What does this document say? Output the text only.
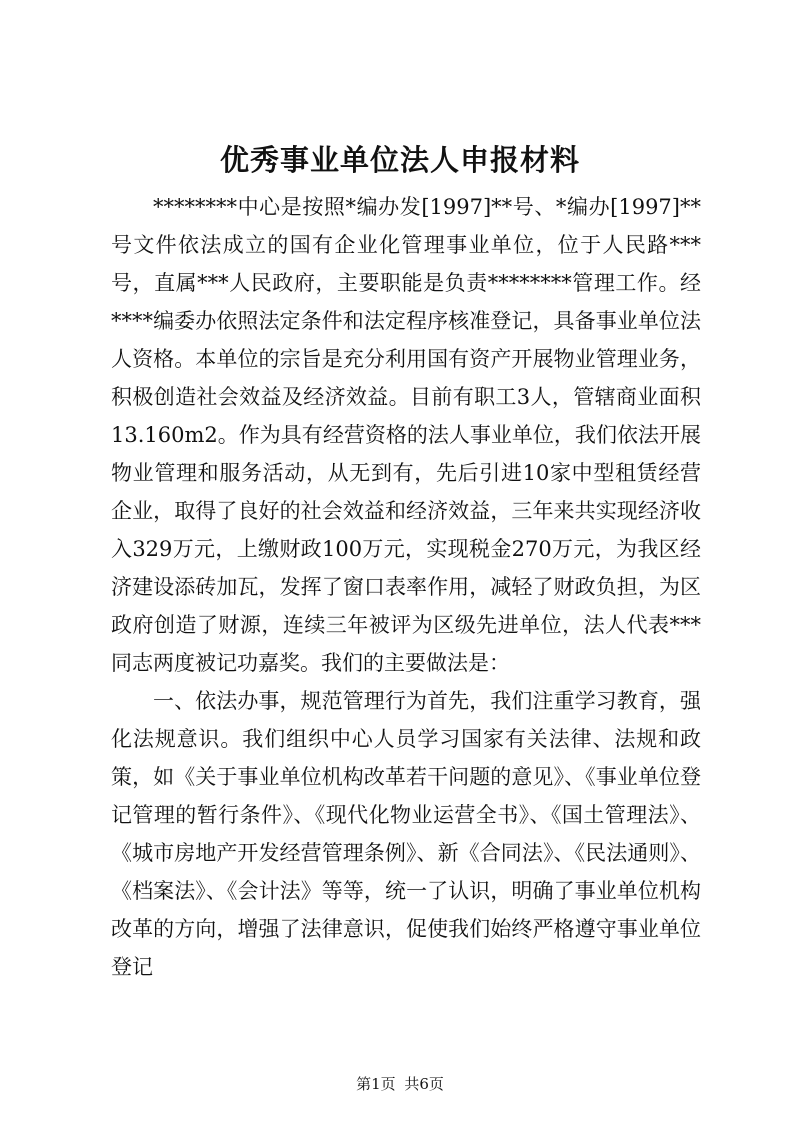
优秀事业单位法人申报材料

********中心是按照*编办发[1997]**号、*编办[1997]**号文件依法成立的国有企业化管理事业单位，位于人民路***号，直属***人民政府，主要职能是负责********管理工作。经****编委办依照法定条件和法定程序核准登记，具备事业单位法人资格。本单位的宗旨是充分利用国有资产开展物业管理业务，积极创造社会效益及经济效益。目前有职工3人，管辖商业面积13.160m2。作为具有经营资格的法人事业单位，我们依法开展物业管理和服务活动，从无到有，先后引进10家中型租赁经营企业，取得了良好的社会效益和经济效益，三年来共实现经济收入329万元，上缴财政100万元，实现税金270万元，为我区经济建设添砖加瓦，发挥了窗口表率作用，减轻了财政负担，为区政府创造了财源，连续三年被评为区级先进单位，法人代表***同志两度被记功嘉奖。我们的主要做法是：

一、依法办事，规范管理行为首先，我们注重学习教育，强化法规意识。我们组织中心人员学习国家有关法律、法规和政策，如《关于事业单位机构改革若干问题的意见》、《事业单位登记管理的暂行条件》、《现代化物业运营全书》、《国土管理法》、《城市房地产开发经营管理条例》、新《合同法》、《民法通则》、《档案法》、《会计法》等等，统一了认识，明确了事业单位机构改革的方向，增强了法律意识，促使我们始终严格遵守事业单位登记

第1页 共6页
